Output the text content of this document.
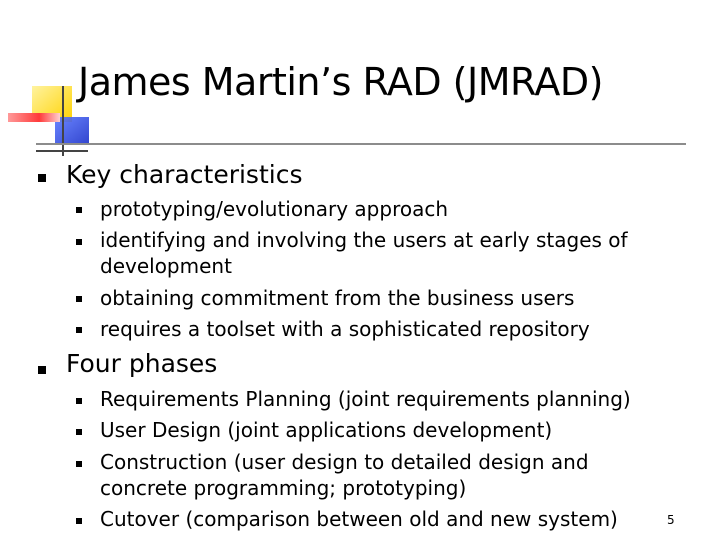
James Martin’s RAD (JMRAD)
Key characteristics
prototyping/evolutionary approach
identifying and involving the users at early stages of
development
obtaining commitment from the business users
requires a toolset with a sophisticated repository
Four phases
Requirements Planning (joint requirements planning)
User Design (joint applications development)
Construction (user design to detailed design and
concrete programming; prototyping)
Cutover (comparison between old and new system)	5
